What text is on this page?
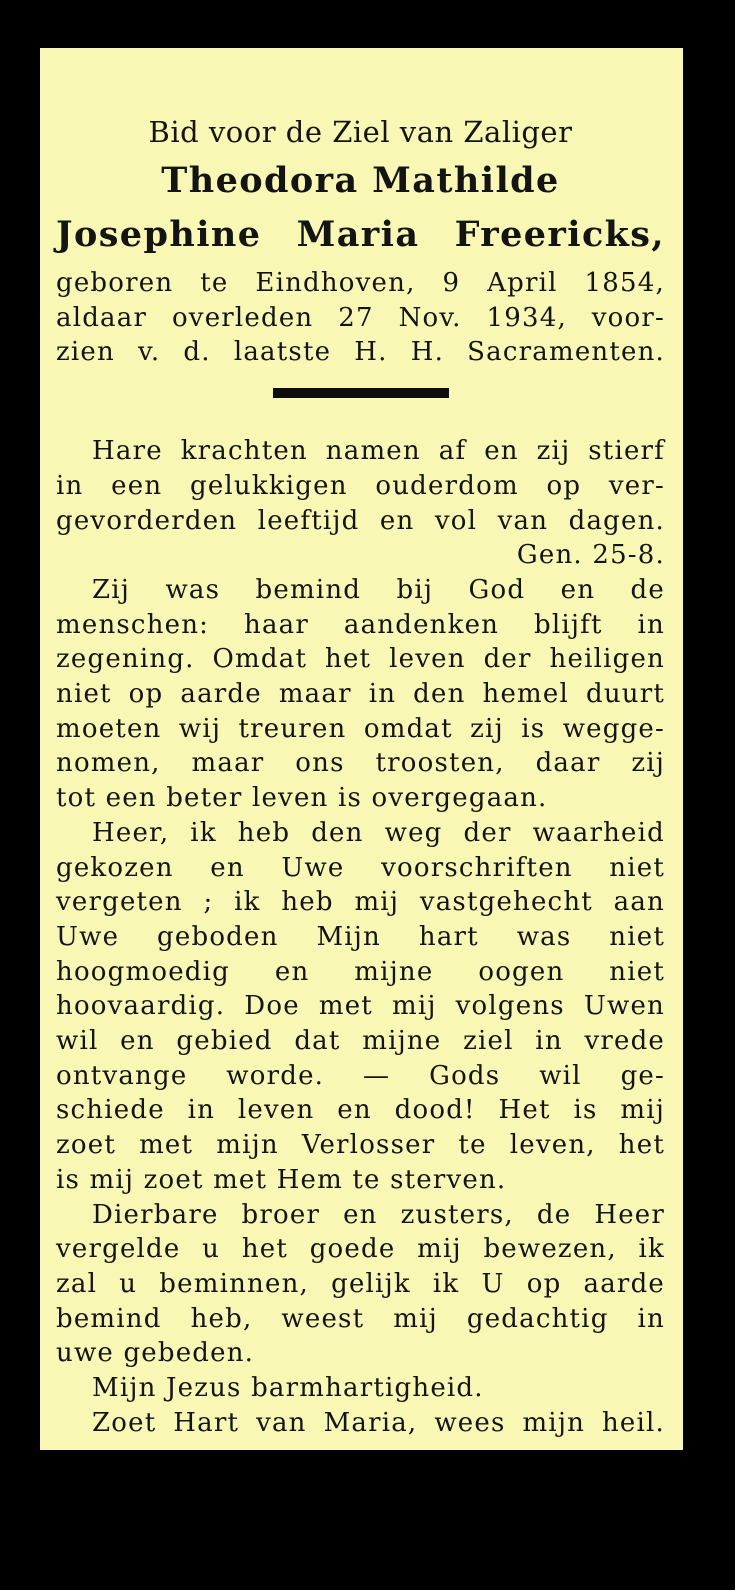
Bid voor de Ziel van Zaliger
Theodora Mathilde
Josephine Maria Freericks,
geboren te Eindhoven, 9 April 1854,
aldaar overleden 27 Nov. 1934, voor-
zien v. d. laatste H. H. Sacramenten.
Hare krachten namen af en zij stierf
in een gelukkigen ouderdom op ver-
gevorderden leeftijd en vol van dagen.
Gen. 25-8.
Zij was bemind bij God en de
menschen: haar aandenken blijft in
zegening. Omdat het leven der heiligen
niet op aarde maar in den hemel duurt
moeten wij treuren omdat zij is wegge-
nomen, maar ons troosten, daar zij
tot een beter leven is overgegaan.
Heer, ik heb den weg der waarheid
gekozen en Uwe voorschriften niet
vergeten ; ik heb mij vastgehecht aan
Uwe geboden Mijn hart was niet
hoogmoedig en mijne oogen niet
hoovaardig. Doe met mij volgens Uwen
wil en gebied dat mijne ziel in vrede
ontvange worde. — Gods wil ge-
schiede in leven en dood! Het is mij
zoet met mijn Verlosser te leven, het
is mij zoet met Hem te sterven.
Dierbare broer en zusters, de Heer
vergelde u het goede mij bewezen, ik
zal u beminnen, gelijk ik U op aarde
bemind heb, weest mij gedachtig in
uwe gebeden.
Mijn Jezus barmhartigheid.
Zoet Hart van Maria, wees mijn heil.
